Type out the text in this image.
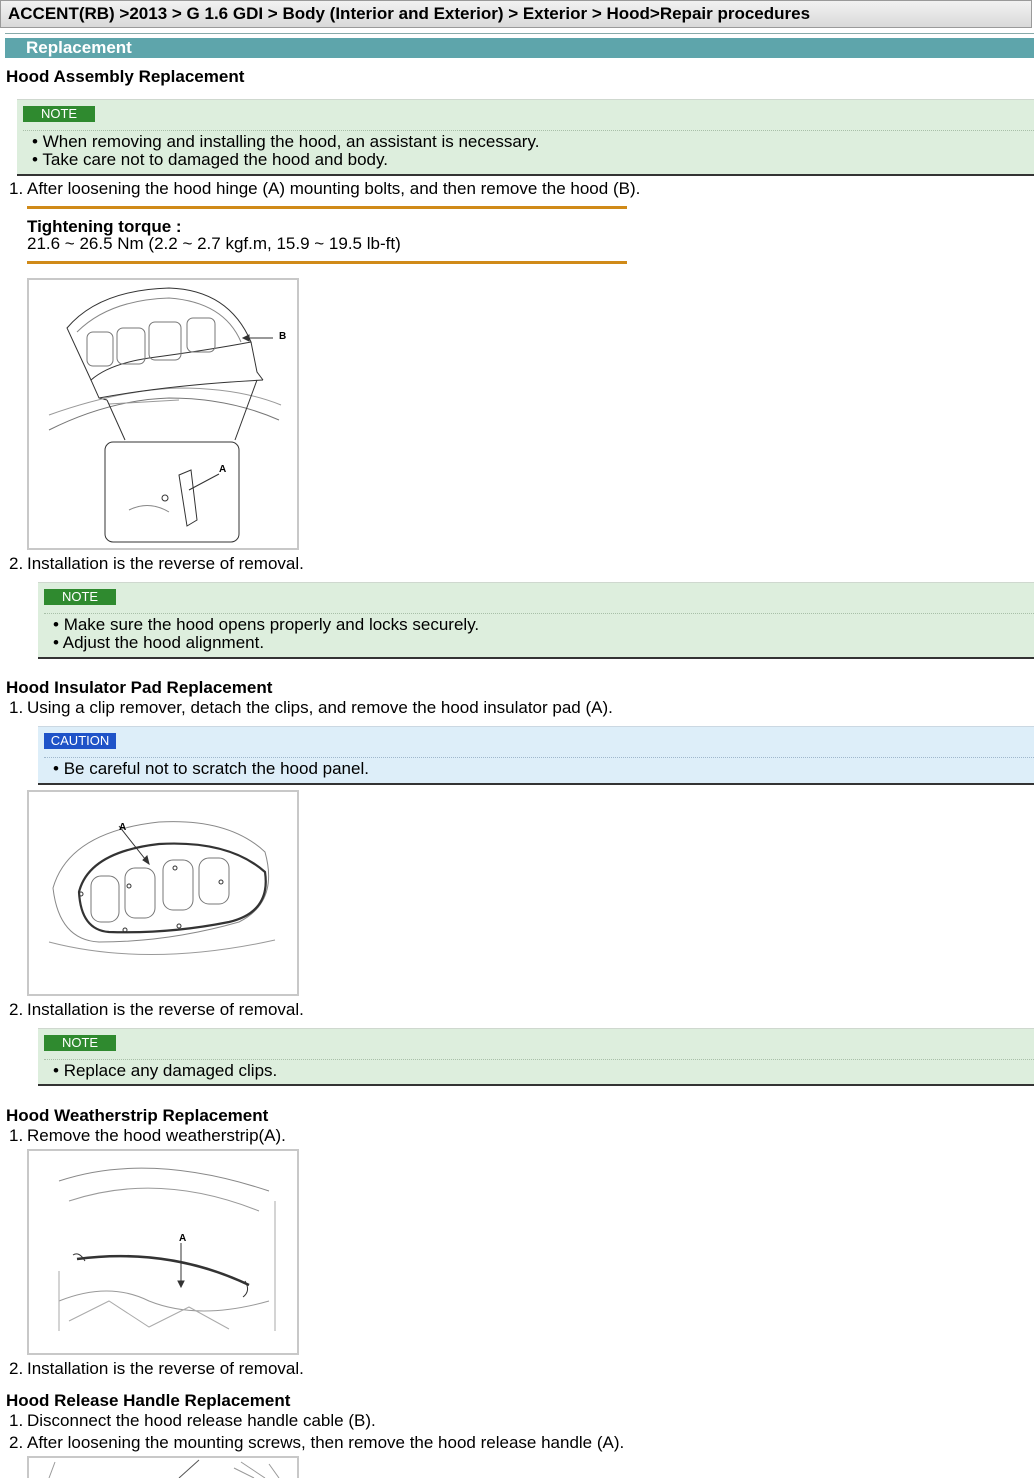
ACCENT(RB) >2013 > G 1.6 GDI > Body (Interior and Exterior) > Exterior > Hood>Repair procedures
Replacement
Hood Assembly Replacement
NOTE
• When removing and installing the hood, an assistant is necessary.
• Take care not to damaged the hood and body.
1. After loosening the hood hinge (A) mounting bolts, and then remove the hood (B).
Tightening torque :
21.6 ~ 26.5 Nm (2.2 ~ 2.7 kgf.m, 15.9 ~ 19.5 lb-ft)
B
A
2. Installation is the reverse of removal.
NOTE
• Make sure the hood opens properly and locks securely.
• Adjust the hood alignment.
Hood Insulator Pad Replacement
1. Using a clip remover, detach the clips, and remove the hood insulator pad (A).
CAUTION
• Be careful not to scratch the hood panel.
A
2. Installation is the reverse of removal.
NOTE
• Replace any damaged clips.
Hood Weatherstrip Replacement
1. Remove the hood weatherstrip(A).
A
2. Installation is the reverse of removal.
Hood Release Handle Replacement
1. Disconnect the hood release handle cable (B).
2. After loosening the mounting screws, then remove the hood release handle (A).
